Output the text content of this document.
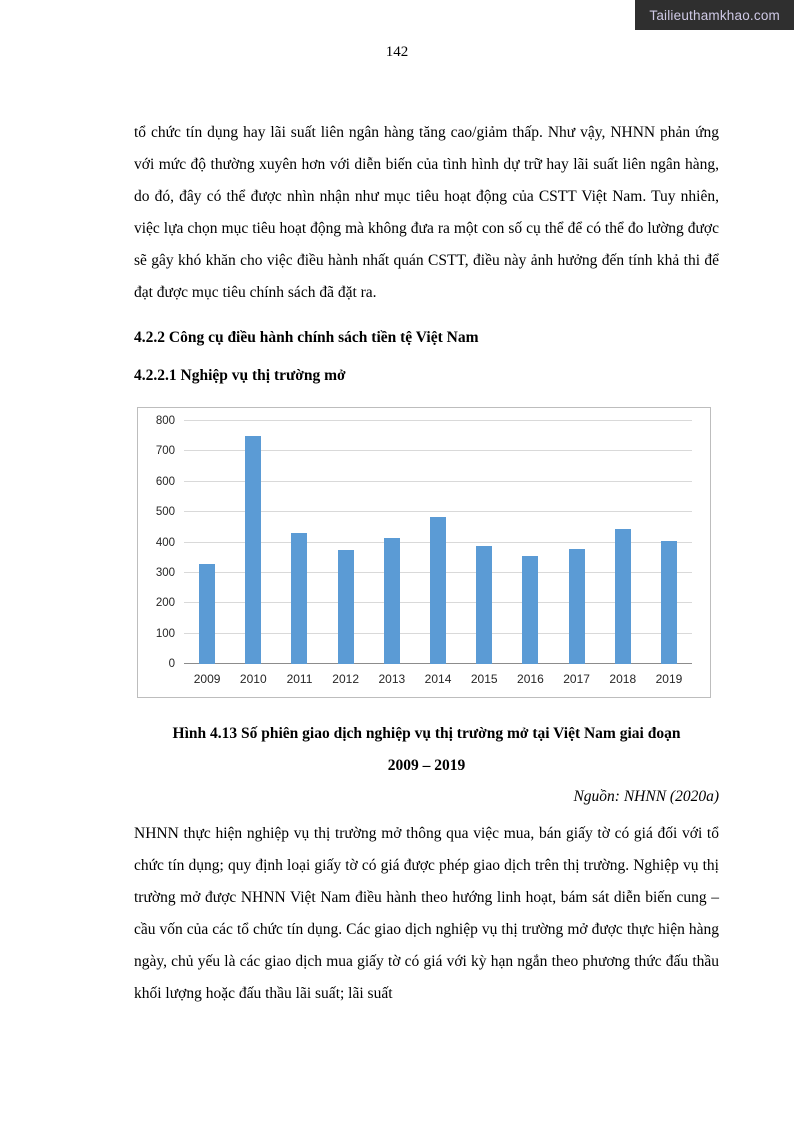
Tailieuthamkhao.com
142

tổ chức tín dụng hay lãi suất liên ngân hàng tăng cao/giảm thấp. Như vậy, NHNN phản ứng với mức độ thường xuyên hơn với diễn biến của tình hình dự trữ hay lãi suất liên ngân hàng, do đó, đây có thể được nhìn nhận như mục tiêu hoạt động của CSTT Việt Nam. Tuy nhiên, việc lựa chọn mục tiêu hoạt động mà không đưa ra một con số cụ thể để có thể đo lường được sẽ gây khó khăn cho việc điều hành nhất quán CSTT, điều này ảnh hưởng đến tính khả thi để đạt được mục tiêu chính sách đã đặt ra.

4.2.2 Công cụ điều hành chính sách tiền tệ Việt Nam
4.2.2.1 Nghiệp vụ thị trường mở
0
100
200
300
400
500
600
700
800
2009	2010	2011	2012	2013	2014	2015	2016	2017	2018	2019
Hình 4.13 Số phiên giao dịch nghiệp vụ thị trường mở tại Việt Nam giai đoạn
2009 – 2019
Nguồn: NHNN (2020a)

NHNN thực hiện nghiệp vụ thị trường mở thông qua việc mua, bán giấy tờ có giá đối với tổ chức tín dụng; quy định loại giấy tờ có giá được phép giao dịch trên thị trường. Nghiệp vụ thị trường mở được NHNN Việt Nam điều hành theo hướng linh hoạt, bám sát diễn biến cung – cầu vốn của các tổ chức tín dụng. Các giao dịch nghiệp vụ thị trường mở được thực hiện hàng ngày, chủ yếu là các giao dịch mua giấy tờ có giá với kỳ hạn ngắn theo phương thức đấu thầu khối lượng hoặc đấu thầu lãi suất; lãi suất
